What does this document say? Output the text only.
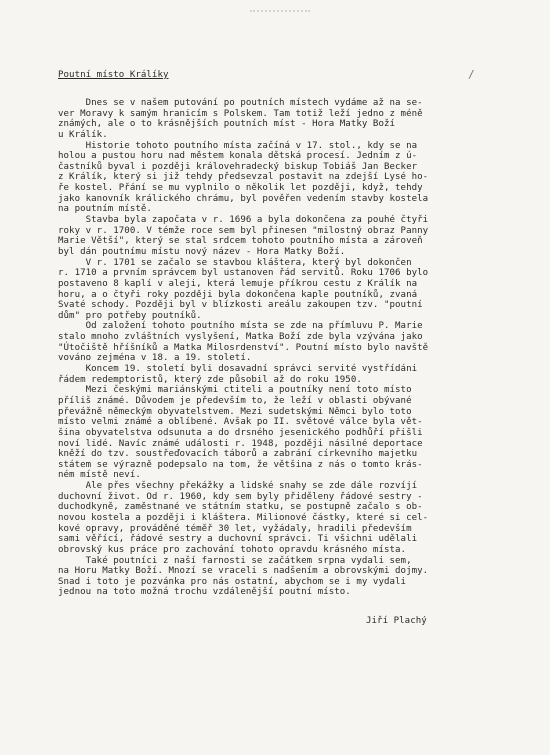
/
Poutní místo Králíky
Dnes se v našem putování po poutních místech vydáme až na se-
ver Moravy k samým hranicím s Polskem. Tam totiž leží jedno z méně
známých, ale o to krásnějších poutních míst - Hora Matky Boží
u Králík.
Historie tohoto poutního místa začíná v 17. stol., kdy se na
holou a pustou horu nad městem konala dětská procesí. Jedním z ú-
častníků byval i později královehradecký biskup Tobiáš Jan Becker
z Králík, který si již tehdy předsevzal postavit na zdejší Lysé ho-
ře kostel. Přání se mu vyplnilo o několik let později, když, tehdy
jako kanovník králického chrámu, byl pověřen vedením stavby kostela
na poutním místě.
Stavba byla započata v r. 1696 a byla dokončena za pouhé čtyři
roky v r. 1700. V témže roce sem byl přinesen "milostný obraz Panny
Marie Větší", který se stal srdcem tohoto poutního místa a zároveň
byl dán poutnímu místu nový název - Hora Matky Boží.
V r. 1701 se začalo se stavbou kláštera, který byl dokončen
r. 1710 a prvním správcem byl ustanoven řád servitů. Roku 1706 bylo
postaveno 8 kaplí v aleji, která lemuje příkrou cestu z Králík na
horu, a o čtyři roky později byla dokončena kaple poutníků, zvaná
Svaté schody. Později byl v blízkosti areálu zakoupen tzv. "poutní
dům" pro potřeby poutníků.
Od založení tohoto poutního místa se zde na přímluvu P. Marie
stalo mnoho zvláštních vyslyšení, Matka Boží zde byla vzývána jako
"Útočiště hříšníků a Matka Milosrdenství". Poutní místo bylo navště
vováno zejména v 18. a 19. století.
Koncem 19. století byli dosavadní správci servité vystřídáni
řádem redemptoristů, který zde působil až do roku 1950.
Mezi českými mariánskými ctiteli a poutníky není toto místo
příliš známé. Důvodem je především to, že leží v oblasti obývané
převážně německým obyvatelstvem. Mezi sudetskými Němci bylo toto
místo velmi známé a oblíbené. Avšak po II. světové válce byla vět-
šina obyvatelstva odsunuta a do drsného jesenického podhůří přišli
noví lidé. Navíc známé události r. 1948, později násilné deportace
kněží do tzv. soustřeďovacích táborů a zabrání církevního majetku
státem se výrazně podepsalo na tom, že většina z nás o tomto krás-
ném místě neví.
Ale přes všechny překážky a lidské snahy se zde dále rozvíjí
duchovní život. Od r. 1960, kdy sem byly přiděleny řádové sestry -
duchodkyně, zaměstnané ve státním statku, se postupně začalo s ob-
novou kostela a později i kláštera. Milionové částky, které si cel-
kové opravy, prováděné téměř 30 let, vyžádaly, hradili především
sami věřící, řádové sestry a duchovní správci. Ti všichni udělali
obrovský kus práce pro zachování tohoto opravdu krásného místa.
Také poutníci z naší farnosti se začátkem srpna vydali sem,
na Horu Matky Boží. Mnozí se vraceli s nadšením a obrovskými dojmy.
Snad i toto je pozvánka pro nás ostatní, abychom se i my vydali
jednou na toto možná trochu vzdálenější poutní místo.
Jiří Plachý
